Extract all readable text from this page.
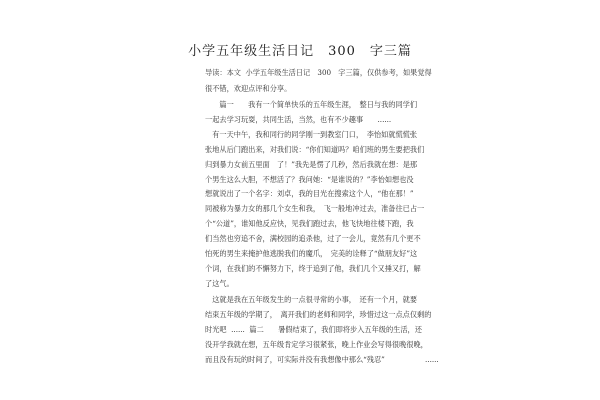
小学五年级生活日记　300　字三篇
导读：本文  小学五年级生活日记　300　字三篇，仅供参考，如果觉得
很不错，欢迎点评和分享。
　　篇一　　我有一个简单快乐的五年级生涯，　整日与我的同学们
一起去学习玩耍，共同生活，当然，也有不少趣事　　......
　有一天中午，我和同行的同学刚一到教室门口，　李怡如就慌慌张
张地从后门跑出来，对我们说：“你们知道吗？咱们班的男生要把我们
归到暴力女前五里面　了！”我先是愣了几秒，然后我就在想：是那
个男生这么大胆，不想活了？我问她：“是谁说的？”李怡如想也没
想就说出了一个名字：刘卓，我的目光在搜索这个人，“他在那！”
同被称为暴力女的那几个女生和我，　飞一般地冲过去，准备往已占一
个“公道”，谁知他反应快，见我们跑过去，他飞快地往楼下跑，我
们当然也穷追不舍，满校园的追杀他，过了一会儿，竟然有几个更不
怕死的男生来掩护他逃脱我们的魔爪，　完美的诠释了“做朋友好”这
个词，在我们的不懈努力下，终于追到了他，我们几个又捶又打，解
了这气。
　这就是我在五年级发生的一点很寻常的小事，　还有一个月，就要
结束五年级的学期了，　离开我们的老师和同学，珍惜过这一点点仅剩的
时光吧  ......  篇二　　暑假结束了，我们即将步入五年级的生活，还
没开学我就在想，五年级肯定学习很紧张，晚上作业会写得很晚很晚，
而且没有玩的时间了，可实际并没有我想像中那么“残忍”	......
